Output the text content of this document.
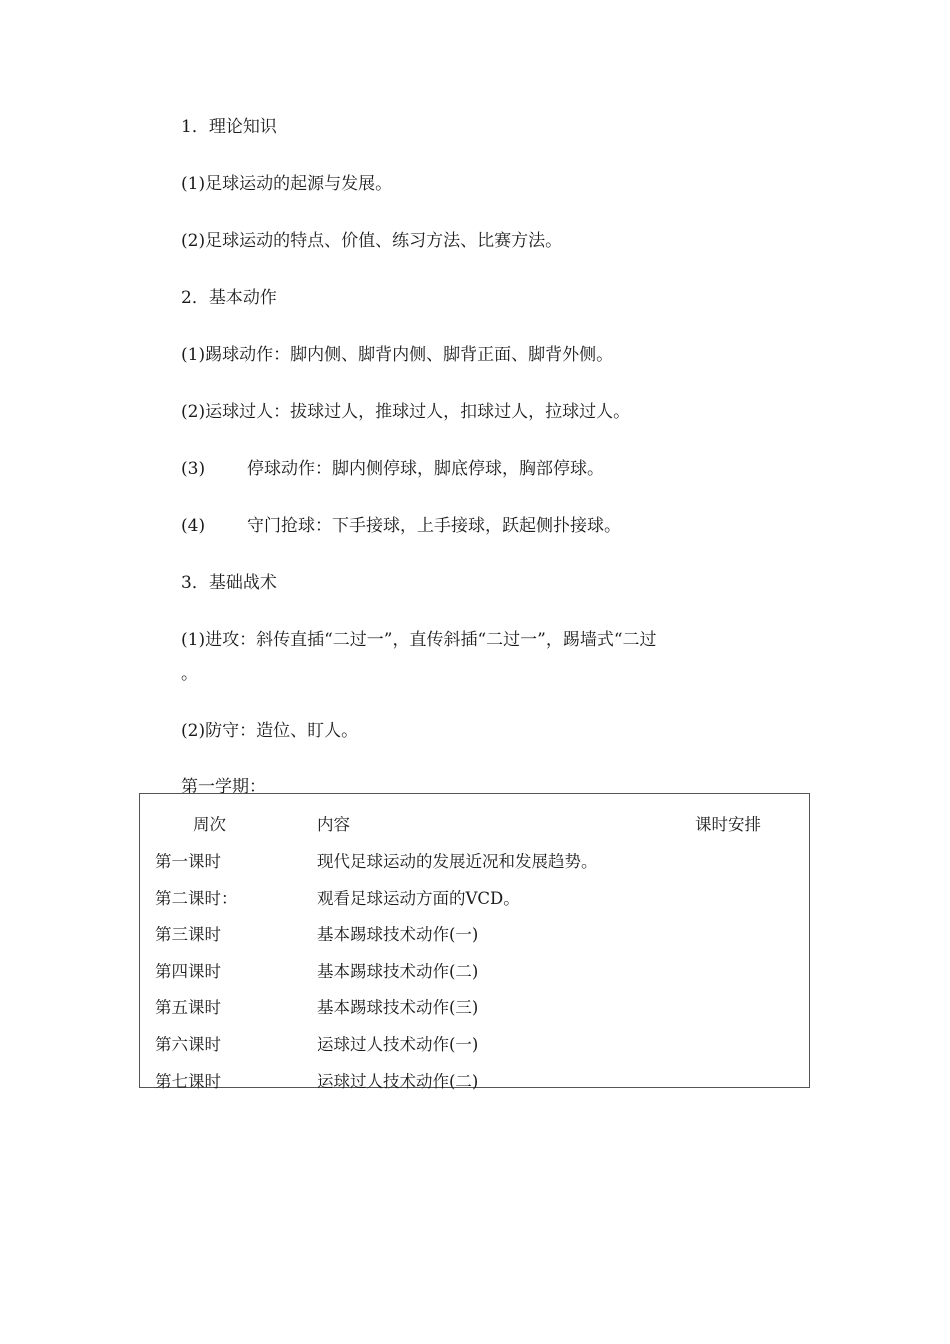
1．理论知识
(1)足球运动的起源与发展。
(2)足球运动的特点、价值、练习方法、比赛方法。
2．基本动作
(1)踢球动作：脚内侧、脚背内侧、脚背正面、脚背外侧。
(2)运球过人：拔球过人，推球过人，扣球过人，拉球过人。
(3) 停球动作：脚内侧停球，脚底停球，胸部停球。
(4) 守门抢球：下手接球，上手接球，跃起侧扑接球。
3．基础战术
(1)进攻：斜传直插“二过一”，直传斜插“二过一”，踢墙式“二过
。
(2)防守：造位、盯人。
第一学期：
周次	内容	课时安排
第一课时	现代足球运动的发展近况和发展趋势。
第二课时：	观看足球运动方面的VCD。
第三课时	基本踢球技术动作(一)
第四课时	基本踢球技术动作(二)
第五课时	基本踢球技术动作(三)
第六课时	运球过人技术动作(一)
第七课时	运球过人技术动作(二)
